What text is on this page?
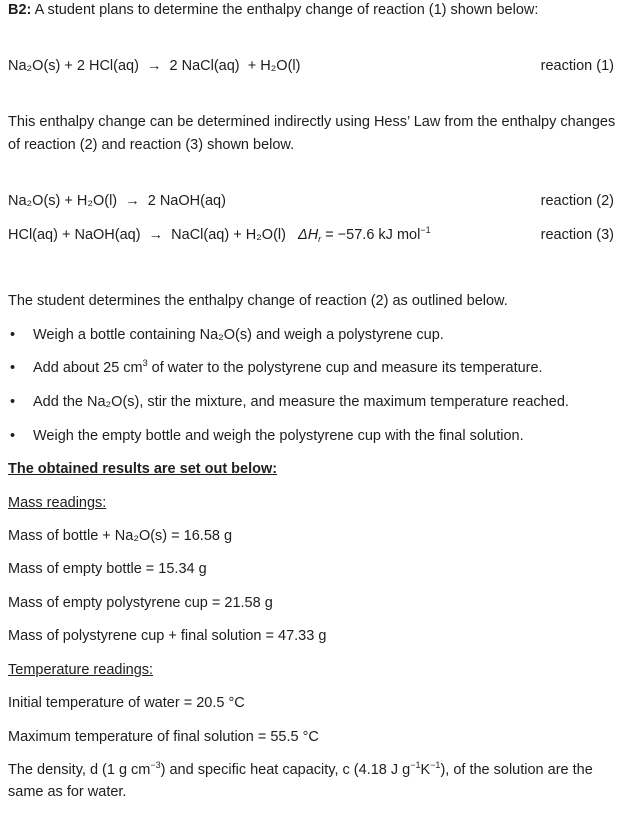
B2: A student plans to determine the enthalpy change of reaction (1) shown below:
Na₂O(s) + 2 HCl(aq)  →  2 NaCl(aq)  + H₂O(l)	reaction (1)
This enthalpy change can be determined indirectly using Hess’ Law from the enthalpy changes
of reaction (2) and reaction (3) shown below.
Na₂O(s) + H₂O(l)  →  2 NaOH(aq)	reaction (2)
HCl(aq) + NaOH(aq)  →  NaCl(aq) + H₂O(l) $\Delta H_r = -57.6$ kJ mol$^{-1}$	reaction (3)
The student determines the enthalpy change of reaction (2) as outlined below.
• Weigh a bottle containing Na₂O(s) and weigh a polystyrene cup.
• Add about 25 $cm^3$ of water to the polystyrene cup and measure its temperature.
• Add the Na₂O(s), stir the mixture, and measure the maximum temperature reached.
• Weigh the empty bottle and weigh the polystyrene cup with the final solution.
The obtained results are set out below:
Mass readings:
Mass of bottle + Na₂O(s) = 16.58 g
Mass of empty bottle = 15.34 g
Mass of empty polystyrene cup = 21.58 g
Mass of polystyrene cup + final solution = 47.33 g
Temperature readings:
Initial temperature of water = 20.5 °C
Maximum temperature of final solution = 55.5 °C
The density, d (1 g $cm^{-3}$) and specific heat capacity, c (4.18 J $g^{-1}K^{-1}$), of the solution are the
same as for water.
